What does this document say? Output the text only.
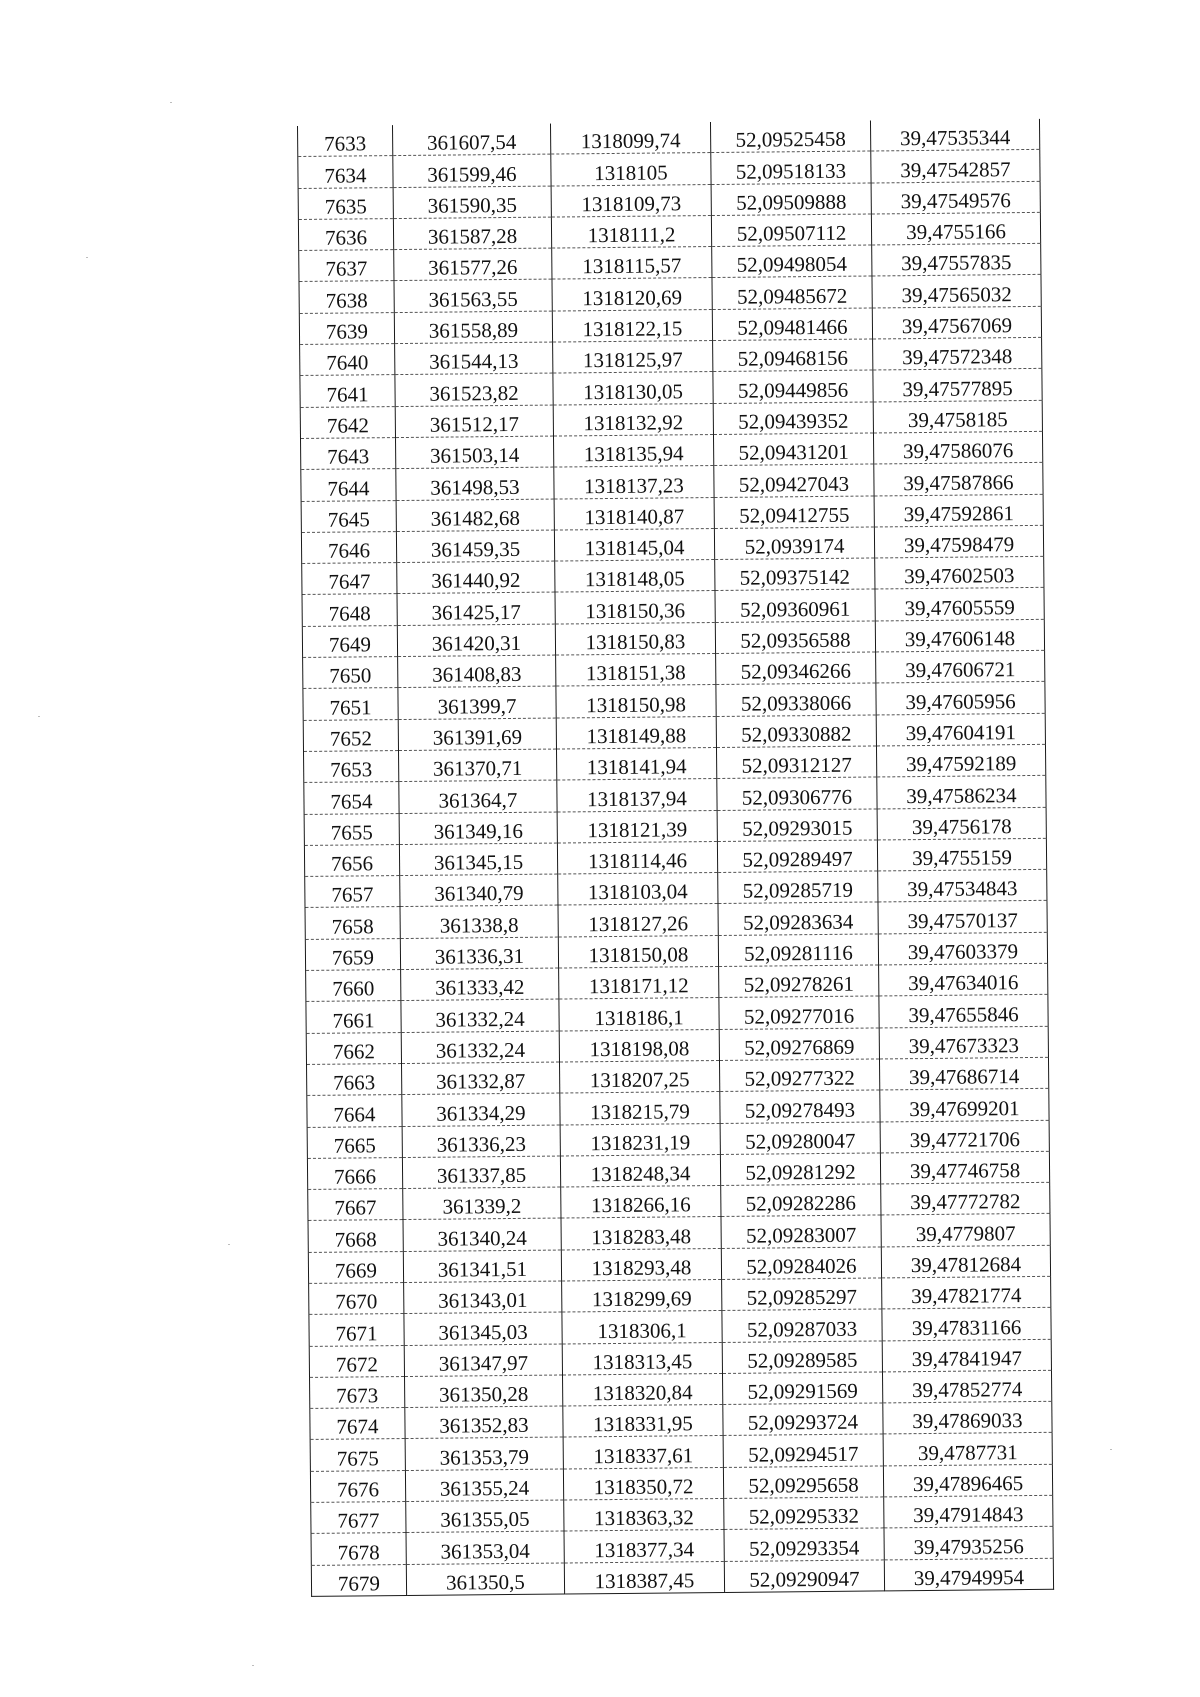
7633	361607,54	1318099,74	52,09525458	39,47535344
7634	361599,46	1318105	52,09518133	39,47542857
7635	361590,35	1318109,73	52,09509888	39,47549576
7636	361587,28	1318111,2	52,09507112	39,4755166
7637	361577,26	1318115,57	52,09498054	39,47557835
7638	361563,55	1318120,69	52,09485672	39,47565032
7639	361558,89	1318122,15	52,09481466	39,47567069
7640	361544,13	1318125,97	52,09468156	39,47572348
7641	361523,82	1318130,05	52,09449856	39,47577895
7642	361512,17	1318132,92	52,09439352	39,4758185
7643	361503,14	1318135,94	52,09431201	39,47586076
7644	361498,53	1318137,23	52,09427043	39,47587866
7645	361482,68	1318140,87	52,09412755	39,47592861
7646	361459,35	1318145,04	52,0939174	39,47598479
7647	361440,92	1318148,05	52,09375142	39,47602503
7648	361425,17	1318150,36	52,09360961	39,47605559
7649	361420,31	1318150,83	52,09356588	39,47606148
7650	361408,83	1318151,38	52,09346266	39,47606721
7651	361399,7	1318150,98	52,09338066	39,47605956
7652	361391,69	1318149,88	52,09330882	39,47604191
7653	361370,71	1318141,94	52,09312127	39,47592189
7654	361364,7	1318137,94	52,09306776	39,47586234
7655	361349,16	1318121,39	52,09293015	39,4756178
7656	361345,15	1318114,46	52,09289497	39,4755159
7657	361340,79	1318103,04	52,09285719	39,47534843
7658	361338,8	1318127,26	52,09283634	39,47570137
7659	361336,31	1318150,08	52,09281116	39,47603379
7660	361333,42	1318171,12	52,09278261	39,47634016
7661	361332,24	1318186,1	52,09277016	39,47655846
7662	361332,24	1318198,08	52,09276869	39,47673323
7663	361332,87	1318207,25	52,09277322	39,47686714
7664	361334,29	1318215,79	52,09278493	39,47699201
7665	361336,23	1318231,19	52,09280047	39,47721706
7666	361337,85	1318248,34	52,09281292	39,47746758
7667	361339,2	1318266,16	52,09282286	39,47772782
7668	361340,24	1318283,48	52,09283007	39,4779807
7669	361341,51	1318293,48	52,09284026	39,47812684
7670	361343,01	1318299,69	52,09285297	39,47821774
7671	361345,03	1318306,1	52,09287033	39,47831166
7672	361347,97	1318313,45	52,09289585	39,47841947
7673	361350,28	1318320,84	52,09291569	39,47852774
7674	361352,83	1318331,95	52,09293724	39,47869033
7675	361353,79	1318337,61	52,09294517	39,4787731
7676	361355,24	1318350,72	52,09295658	39,47896465
7677	361355,05	1318363,32	52,09295332	39,47914843
7678	361353,04	1318377,34	52,09293354	39,47935256
7679	361350,5	1318387,45	52,09290947	39,47949954
